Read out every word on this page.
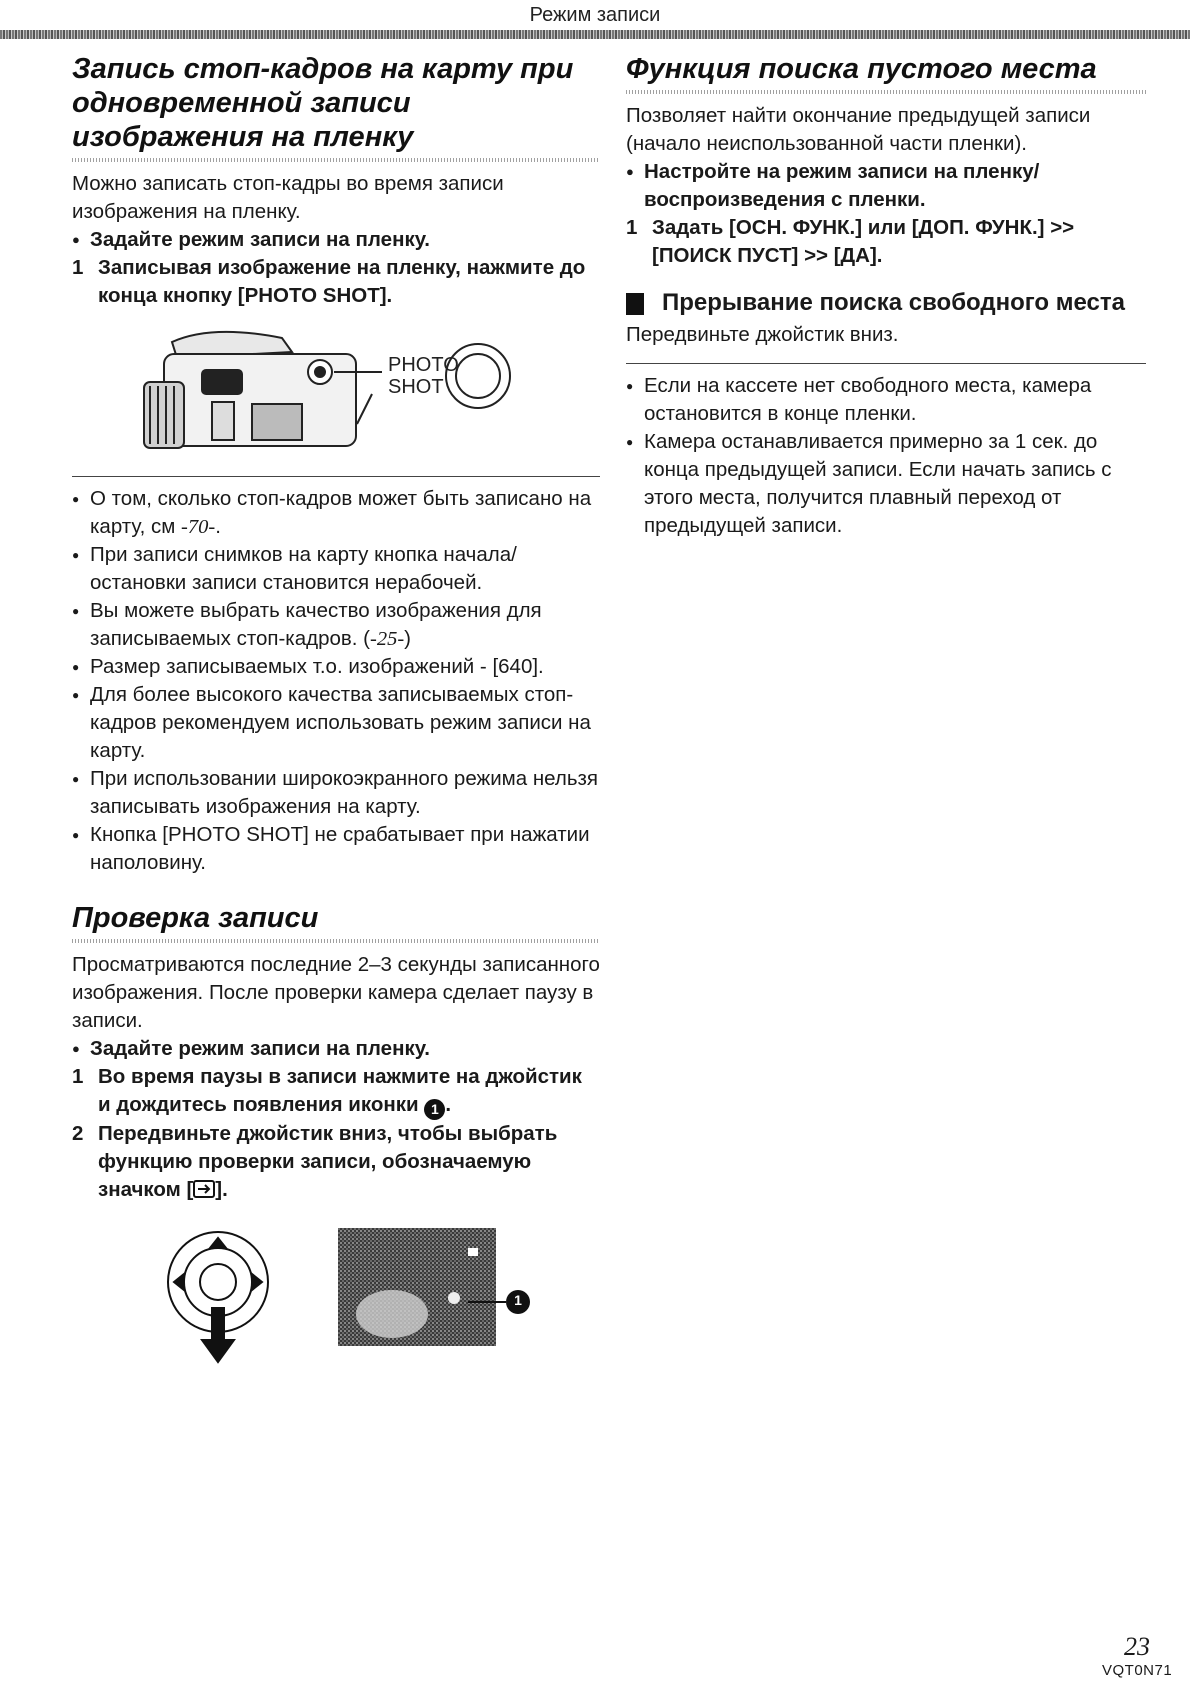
Режим записи
Запись стоп-кадров на карту при одновременной записи изображения на пленку

Можно записать стоп-кадры во время записи изображения на пленку.

● Задайте режим записи на пленку.
1 Записывая изображение на пленку, нажмите до конца кнопку [PHOTO SHOT].
PHOTO
SHOT
● О том, сколько стоп-кадров может быть записано на карту, см -70-.
● При записи снимков на карту кнопка начала/остановки записи становится нерабочей.
● Вы можете выбрать качество изображения для записываемых стоп-кадров. (-25-)
● Размер записываемых т.о. изображений - [640].
● Для более высокого качества записываемых стоп-кадров рекомендуем использовать режим записи на карту.
● При использовании широкоэкранного режима нельзя записывать изображения на карту.
● Кнопка [PHOTO SHOT] не срабатывает при нажатии наполовину.
Проверка записи

Просматриваются последние 2–3 секунды записанного изображения. После проверки камера сделает паузу в записи.

● Задайте режим записи на пленку.
1 Во время паузы в записи нажмите на джойстик и дождитесь появления иконки 1 .
2 Передвиньте джойстик вниз, чтобы выбрать функцию проверки записи, обозначаемую значком [ ].
1
Функция поиска пустого места

Позволяет найти окончание предыдущей записи (начало неиспользованной части пленки).

● Настройте на режим записи на пленку/ воспроизведения с пленки.
1 Задать [ОСН. ФУНК.] или [ДОП. ФУНК.] >> [ПОИСК ПУСТ] >> [ДА].
Прерывание поиска свободного места

Передвиньте джойстик вниз.

● Если на кассете нет свободного места, камера остановится в конце пленки.
● Камера останавливается примерно за 1 сек. до конца предыдущей записи. Если начать запись с этого места, получится плавный переход от предыдущей записи.
23
VQT0N71
